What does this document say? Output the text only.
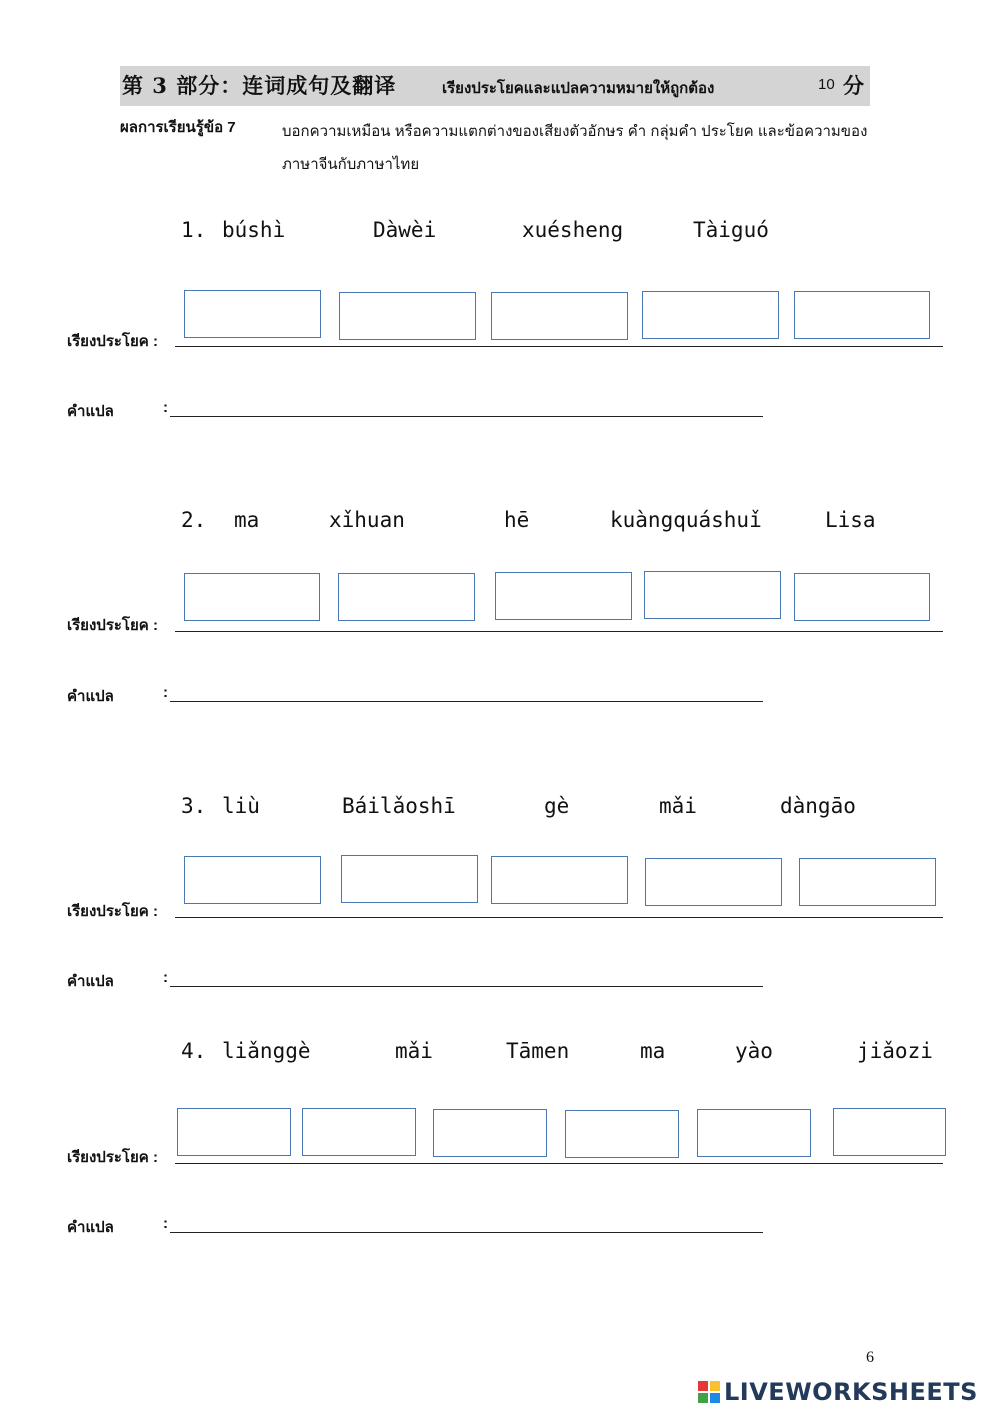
第 3 部分：连词成句及翻译	เรียงประโยคและแปลความหมายให้ถูกต้อง	10 分
ผลการเรียนรู้ข้อ 7	บอกความเหมือน หรือความแตกต่างของเสียงตัวอักษร คำ กลุ่มคำ ประโยค และข้อความของภาษาจีนกับภาษาไทย
1. búshì	Dàwèi	xuésheng	Tàiguó
เรียงประโยค :
คำแปล	:
2. ma	xǐhuan	hē	kuàngquáshuǐ	Lisa
เรียงประโยค :
คำแปล	:
3. liù	Báilǎoshī	gè	mǎi	dàngāo
เรียงประโยค :
คำแปล	:
4. liǎnggè	mǎi	Tāmen	ma	yào	jiǎozi
เรียงประโยค :
คำแปล	:
6
LIVEWORKSHEETS
